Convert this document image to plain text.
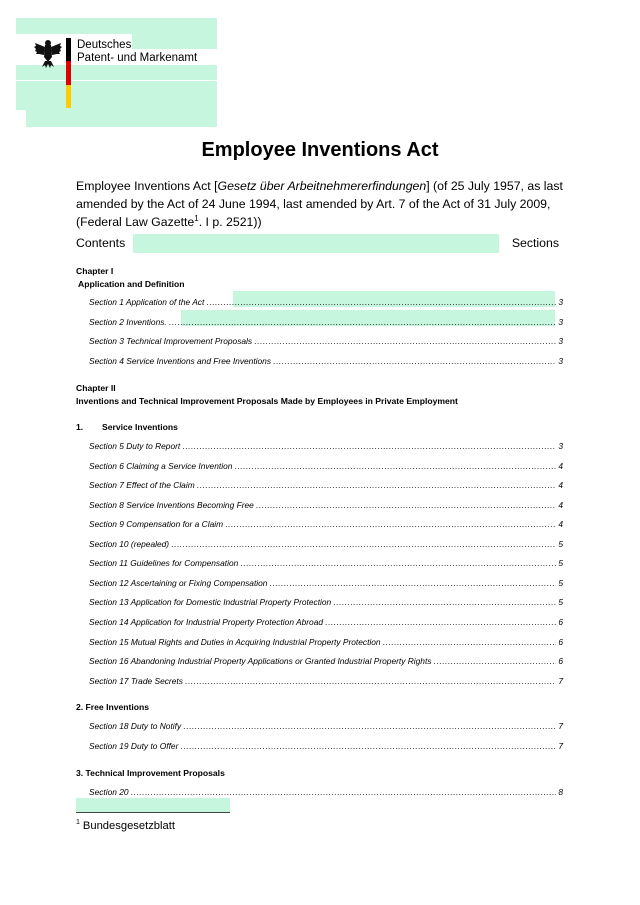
Deutsches
Patent- und Markenamt
Employee Inventions Act
Employee Inventions Act [Gesetz über Arbeitnehmererfindungen] (of 25 July 1957, as last amended by the Act of 24 June 1994, last amended by Art. 7 of the Act of 31 July 2009, (Federal Law Gazette$^1$. I p. 2521))
Contents	Sections
Chapter I
Application and Definition
Section 1 Application of the Act .....	3
Section 2 Inventions. .....	3
Section 3 Technical Improvement Proposals .....	3
Section 4 Service Inventions and Free Inventions .....	3
Chapter II
Inventions and Technical Improvement Proposals Made by Employees in Private Employment
1. Service Inventions
Section 5 Duty to Report .....	3
Section 6 Claiming a Service Invention .....	4
Section 7 Effect of the Claim .....	4
Section 8 Service Inventions Becoming Free .....	4
Section 9 Compensation for a Claim .....	4
Section 10 (repealed) .....	5
Section 11 Guidelines for Compensation .....	5
Section 12 Ascertaining or Fixing Compensation .....	5
Section 13 Application for Domestic Industrial Property Protection .....	5
Section 14 Application for Industrial Property Protection Abroad .....	6
Section 15 Mutual Rights and Duties in Acquiring Industrial Property Protection .....	6
Section 16 Abandoning Industrial Property Applications or Granted Industrial Property Rights .....	6
Section 17 Trade Secrets .....	7
2. Free Inventions
Section 18 Duty to Notify .....	7
Section 19 Duty to Offer .....	7
3. Technical Improvement Proposals
Section 20 .....	8
$^1$ Bundesgesetzblatt
